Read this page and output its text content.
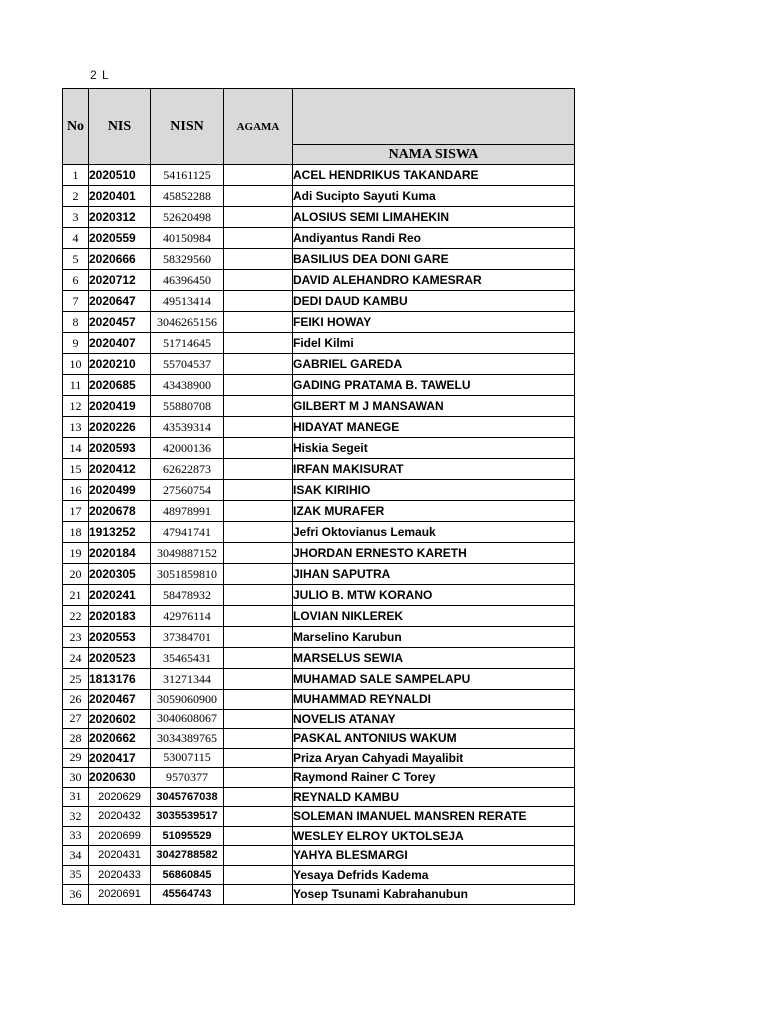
2 L
No	NIS	NISN	AGAMA	
				NAMA SISWA
1	2020510	54161125		ACEL HENDRIKUS TAKANDARE
2	2020401	45852288		Adi Sucipto Sayuti Kuma
3	2020312	52620498		ALOSIUS SEMI LIMAHEKIN
4	2020559	40150984		Andiyantus Randi Reo
5	2020666	58329560		BASILIUS DEA DONI GARE
6	2020712	46396450		DAVID ALEHANDRO KAMESRAR
7	2020647	49513414		DEDI DAUD KAMBU
8	2020457	3046265156		FEIKI HOWAY
9	2020407	51714645		Fidel Kilmi
10	2020210	55704537		GABRIEL GAREDA
11	2020685	43438900		GADING PRATAMA B. TAWELU
12	2020419	55880708		GILBERT M J MANSAWAN
13	2020226	43539314		HIDAYAT MANEGE
14	2020593	42000136		Hiskia Segeit
15	2020412	62622873		IRFAN MAKISURAT
16	2020499	27560754		ISAK KIRIHIO
17	2020678	48978991		IZAK MURAFER
18	1913252	47941741		Jefri Oktovianus Lemauk
19	2020184	3049887152		JHORDAN ERNESTO KARETH
20	2020305	3051859810		JIHAN SAPUTRA
21	2020241	58478932		JULIO B. MTW KORANO
22	2020183	42976114		LOVIAN NIKLEREK
23	2020553	37384701		Marselino Karubun
24	2020523	35465431		MARSELUS SEWIA
25	1813176	31271344		MUHAMAD SALE SAMPELAPU
26	2020467	3059060900		MUHAMMAD REYNALDI
27	2020602	3040608067		NOVELIS ATANAY
28	2020662	3034389765		PASKAL ANTONIUS WAKUM
29	2020417	53007115		Priza Aryan Cahyadi Mayalibit
30	2020630	9570377		Raymond Rainer C Torey
31	2020629	3045767038		REYNALD KAMBU
32	2020432	3035539517		SOLEMAN IMANUEL MANSREN RERATE
33	2020699	51095529		WESLEY ELROY UKTOLSEJA
34	2020431	3042788582		YAHYA BLESMARGI
35	2020433	56860845		Yesaya Defrids Kadema
36	2020691	45564743		Yosep Tsunami Kabrahanubun
